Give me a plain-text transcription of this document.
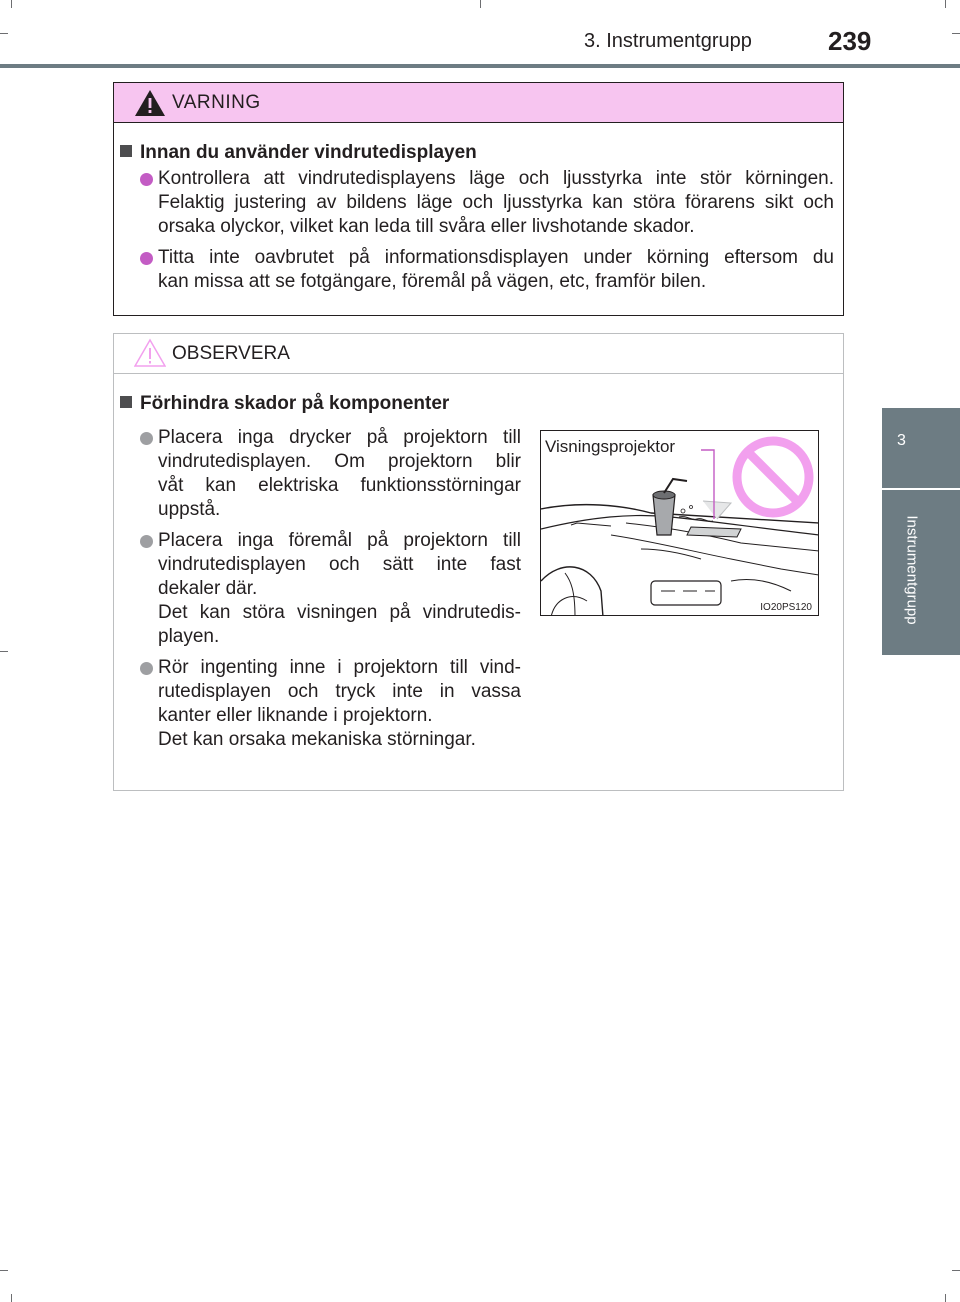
3. Instrumentgrupp	239
3
Instrumentgrupp
VARNING
Innan du använder vindrutedisplayen
Kontrollera att vindrutedisplayens läge och ljusstyrka inte stör körningen.
Felaktig justering av bildens läge och ljusstyrka kan störa förarens sikt och
orsaka olyckor, vilket kan leda till svåra eller livshotande skador.
Titta inte oavbrutet på informationsdisplayen under körning eftersom du
kan missa att se fotgängare, föremål på vägen, etc, framför bilen.
OBSERVERA
Förhindra skador på komponenter
Placera inga drycker på projektorn till
vindrutedisplayen. Om projektorn blir
våt kan elektriska funktionsstörningar
uppstå.
Placera inga föremål på projektorn till
vindrutedisplayen och sätt inte fast
dekaler där.
Det kan störa visningen på vindrutedis-
playen.
Rör ingenting inne i projektorn till vind-
rutedisplayen och tryck inte in vassa
kanter eller liknande i projektorn.
Det kan orsaka mekaniska störningar.
Visningsprojektor
IO20PS120
